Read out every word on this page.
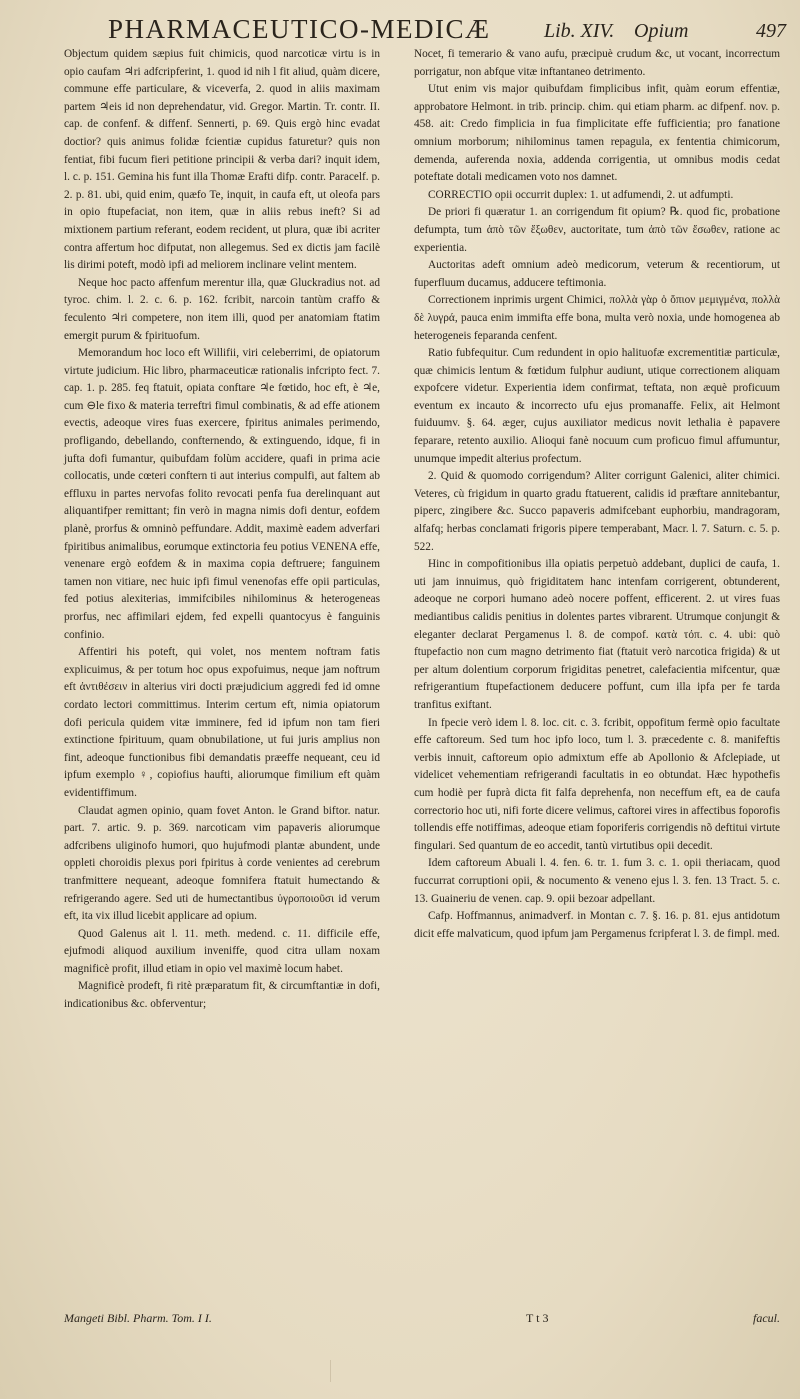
PHARMACEUTICO-MEDICÆ	Lib. XIV. Opium	497

Objectum quidem sæpius fuit chimicis, quod narcoticæ virtu is in opio caufam ♃ri adfcripferint, 1. quod id nih l fit aliud, quàm dicere, commune effe particulare, & viceverfa, 2. quod in aliis maximam partem ♃eis id non deprehendatur, vid. Gregor. Martin. Tr. contr. II. cap. de confenf. & diffenf. Sennerti, p. 69. Quis ergò hinc evadat doctior? quis animus folidæ fcientiæ cupidus faturetur? quis non fentiat, fibi fucum fieri petitione principii & verba dari? inquit idem, l. c. p. 151. Gemina his funt illa Thomæ Erafti difp. contr. Paracelf. p. 2. p. 81. ubi, quid enim, quæfo Te, inquit, in caufa eft, ut oleofa pars in opio ftupefaciat, non item, quæ in aliis rebus ineft? Si ad mixtionem partium referant, eodem recident, ut plura, quæ ibi acriter contra affertum hoc difputat, non allegemus. Sed ex dictis jam facilè lis dirimi poteft, modò ipfi ad meliorem inclinare velint mentem.

Neque hoc pacto affenfum merentur illa, quæ Gluckradius not. ad tyroc. chim. l. 2. c. 6. p. 162. fcribit, narcoin tantùm craffo & feculento ♃ri competere, non item illi, quod per anatomiam ftatim emergit purum & fpirituofum.

Memorandum hoc loco eft Willifii, viri celeberrimi, de opiatorum virtute judicium. Hic libro, pharmaceuticæ rationalis infcripto fect. 7. cap. 1. p. 285. feq ftatuit, opiata conftare ♃e fœtido, hoc eft, è ♃e, cum ⊖le fixo & materia terreftri fimul combinatis, & ad effe ationem evectis, adeoque vires fuas exercere, fpiritus animales perimendo, profligando, debellando, confternendo, & extinguendo, idque, fi in jufta dofi fumantur, quibufdam folùm accidere, quafi in prima acie collocatis, unde cœteri conftern ti aut interius compulfi, aut faltem ab effluxu in partes nervofas folito revocati penfa fua derelinquant aut aliquantifper remittant; fin verò in magna nimis dofi dentur, eofdem planè, prorfus & omninò peffundare. Addit, maximè eadem adverfari fpiritibus animalibus, eorumque extinctoria feu potius VENENA effe, venenare ergò eofdem & in maxima copia deftruere; fanguinem tamen non vitiare, nec huic ipfi fimul venenofas effe opii particulas, fed potius alexiterias, immifcibiles nihilominus & heterogeneas prorfus, nec affimilari ejdem, fed expelli quantocyus è fanguinis confinio.

Affentiri his poteft, qui volet, nos mentem noftram fatis explicuimus, & per totum hoc opus expofuimus, neque jam noftrum eft ἀντιθέσειν in alterius viri docti præjudicium aggredi fed id omne cordato lectori committimus. Interim certum eft, nimia opiatorum dofi pericula quidem vitæ imminere, fed id ipfum non tam fieri extinctione fpirituum, quam obnubilatione, ut fui juris amplius non fint, adeoque functionibus fibi demandatis præeffe nequeant, ceu id ipfum exemplo ♀, copiofius haufti, aliorumque fimilium eft quàm evidentiffimum.

Claudat agmen opinio, quam fovet Anton. le Grand biftor. natur. part. 7. artic. 9. p. 369. narcoticam vim papaveris aliorumque adfcribens uliginofo humori, quo hujufmodi plantæ abundent, unde oppleti choroidis plexus pori fpiritus à corde venientes ad cerebrum tranfmittere nequeant, adeoque fomnifera ftatuit humectando & refrigerando agere. Sed uti de humectantibus ὑγροποιοῦσι id verum eft, ita vix illud licebit applicare ad opium.

Quod Galenus ait l. 11. meth. medend. c. 11. difficile effe, ejufmodi aliquod auxilium inveniffe, quod citra ullam noxam magnificè profit, illud etiam in opio vel maximè locum habet.

Magnificè prodeft, fi ritè præparatum fit, & circumftantiæ in dofi, indicationibus &c. obferventur;

Nocet, fi temerario & vano aufu, præcipuè crudum &c, ut vocant, incorrectum porrigatur, non abfque vitæ inftantaneo detrimento.

Utut enim vis major quibufdam fimplicibus infit, quàm eorum effentiæ, approbatore Helmont. in trib. princip. chim. qui etiam pharm. ac difpenf. nov. p. 458. ait: Credo fimplicia in fua fimplicitate effe fufficientia; pro fanatione omnium morborum; nihilominus tamen repagula, ex fententia chimicorum, demenda, auferenda noxia, addenda corrigentia, ut omnibus modis cedat poteftate dotali medicamen voto nos damnet.

CORRECTIO opii occurrit duplex: 1. ut adfumendi, 2. ut adfumpti.

De priori fi quæratur 1. an corrigendum fit opium? ℞. quod fic, probatione defumpta, tum ἀπὸ τῶν ἔξωθεν, auctoritate, tum ἀπὸ τῶν ἔσωθεν, ratione ac experientia.

Auctoritas adeft omnium adeò medicorum, veterum & recentiorum, ut fuperfluum ducamus, adducere teftimonia.

Correctionem inprimis urgent Chimici, πολλὰ γὰρ ὁ ὅπιον μεμιγμένα, πολλὰ δὲ λυγρά, pauca enim immifta effe bona, multa verò noxia, unde homogenea ab heterogeneis feparanda cenfent.

Ratio fubfequitur. Cum redundent in opio halituofæ excrementitiæ particulæ, quæ chimicis lentum & fœtidum fulphur audiunt, utique correctionem aliquam expofcere videtur. Experientia idem confirmat, teftata, non æquè proficuum eventum ex incauto & incorrecto ufu ejus promanaffe. Felix, ait Helmont fuiduumv. §. 64. æger, cujus auxiliator medicus novit lethalia è papavere feparare, retento auxilio. Alioqui fanè nocuum cum proficuo fimul affumuntur, unumque impedit alterius profectum.

2. Quid & quomodo corrigendum? Aliter corrigunt Galenici, aliter chimici. Veteres, cù frigidum in quarto gradu ftatuerent, calidis id præftare annitebantur, piperc, zingibere &c. Succo papaveris admifcebant euphorbiu, mandragoram, alfafq; herbas conclamati frigoris pipere temperabant, Macr. l. 7. Saturn. c. 5. p. 522.

Hinc in compofitionibus illa opiatis perpetuò addebant, duplici de caufa, 1. uti jam innuimus, quò frigiditatem hanc intenfam corrigerent, obtunderent, adeoque ne corpori humano adeò nocere poffent, efficerent. 2. ut vires fuas mediantibus calidis penitius in dolentes partes vibrarent. Utrumque conjungit & eleganter declarat Pergamenus l. 8. de compof. κατὰ τόπ. c. 4. ubi: quò ftupefactio non cum magno detrimento fiat (ftatuit verò narcotica frigida) & ut per altum dolentium corporum frigiditas penetret, calefacientia mifcentur, quæ refrigerantium ftupefactionem deducere poffunt, cum illa ipfa per fe tarda tranfitus exiftant.

In fpecie verò idem l. 8. loc. cit. c. 3. fcribit, oppofitum fermè opio facultate effe caftoreum. Sed tum hoc ipfo loco, tum l. 3. præcedente c. 8. manifeftis verbis innuit, caftoreum opio admixtum effe ab Apollonio & Afclepiade, ut videlicet vehementiam refrigerandi facultatis in eo obtundat. Hæc hypothefis cum hodiè per fuprà dicta fit falfa deprehenfa, non neceffum eft, ea de caufa correctorio hoc uti, nifi forte dicere velimus, caftorei vires in affectibus foporofis tollendis effe notiffimas, adeoque etiam foporiferis corrigendis nõ deftitui virtute fingulari. Sed quantum de eo accedit, tantù virtutibus opii decedit.

Idem caftoreum Abuali l. 4. fen. 6. tr. 1. fum 3. c. 1. opii theriacam, quod fuccurrat corruptioni opii, & nocumento & veneno ejus l. 3. fen. 13 Tract. 5. c. 13. Guaineriu de venen. cap. 9. opii bezoar adpellant.

Cafp. Hoffmannus, animadverf. in Montan c. 7. §. 16. p. 81. ejus antidotum dicit effe malvaticum, quod ipfum jam Pergamenus fcripferat l. 3. de fimpl. med.

Mangeti Bibl. Pharm. Tom. I I.	T t 3	facul.
